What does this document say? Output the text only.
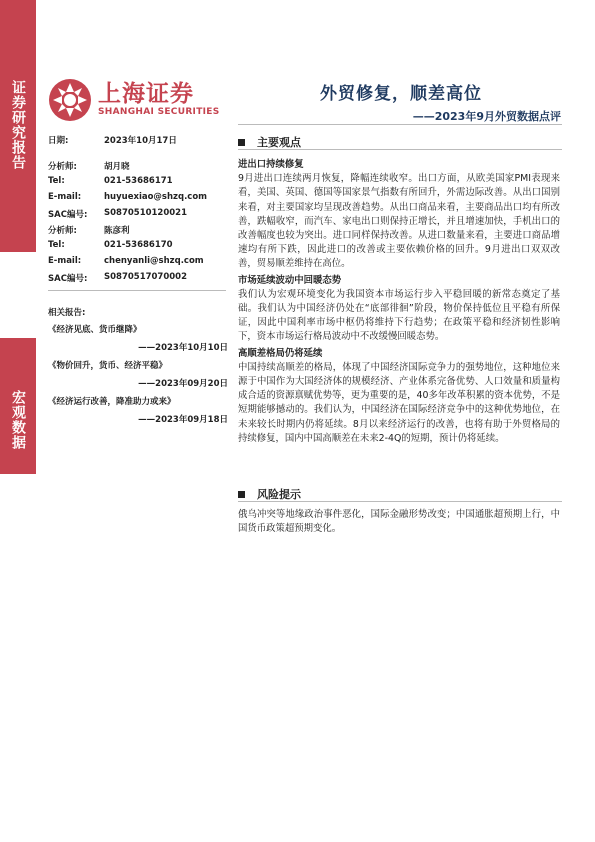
证券研究报告
宏观数据
上海证券
SHANGHAI SECURITIES
外贸修复，顺差高位
——2023年9月外贸数据点评
日期:	2023年10月17日
分析师:	胡月晓
Tel:	021-53686171
E-mail:	huyuexiao@shzq.com
SAC编号: S0870510120021
分析师:	陈彦利
Tel:	021-53686170
E-mail:	chenyanli@shzq.com
SAC编号: S0870517070002
相关报告:
《经济见底、货币继降》
——2023年10月10日
《物价回升，货币、经济平稳》
——2023年09月20日
《经济运行改善，降准助力或来》
——2023年09月18日
主要观点
进出口持续修复
9月进出口连续两月恢复，降幅连续收窄。出口方面，从欧美国家PMI表现来看，美国、英国、德国等国家景气指数有所回升，外需边际改善。从出口国别来看，对主要国家均呈现改善趋势。从出口商品来看，主要商品出口均有所改善，跌幅收窄，而汽车、家电出口则保持正增长，并且增速加快，手机出口的改善幅度也较为突出。进口同样保持改善。从进口数量来看，主要进口商品增速均有所下跌，因此进口的改善或主要依赖价格的回升。9月进出口双双改善，贸易顺差维持在高位。
市场延续波动中回暖态势
我们认为宏观环境变化为我国资本市场运行步入平稳回暖的新常态奠定了基础。我们认为中国经济仍处在“底部徘徊”阶段，物价保持低位且平稳有所保证，因此中国利率市场中枢仍将维持下行趋势；在政策平稳和经济韧性影响下，资本市场运行格局波动中不改缓慢回暖态势。
高顺差格局仍将延续
中国持续高顺差的格局，体现了中国经济国际竞争力的强势地位，这种地位来源于中国作为大国经济体的规模经济、产业体系完备优势、人口效量和质量构成合适的资源禀赋优势等，更为重要的是，40多年改革积累的资本优势，不是短期能够撼动的。我们认为，中国经济在国际经济竞争中的这种优势地位，在未来较长时期内仍将延续。8月以来经济运行的改善，也将有助于外贸格局的持续修复，国内中国高顺差在未来2-4Q的短期，预计仍将延续。
风险提示
俄乌冲突等地缘政治事件恶化，国际金融形势改变；中国通胀超预期上行，中国货币政策超预期变化。
